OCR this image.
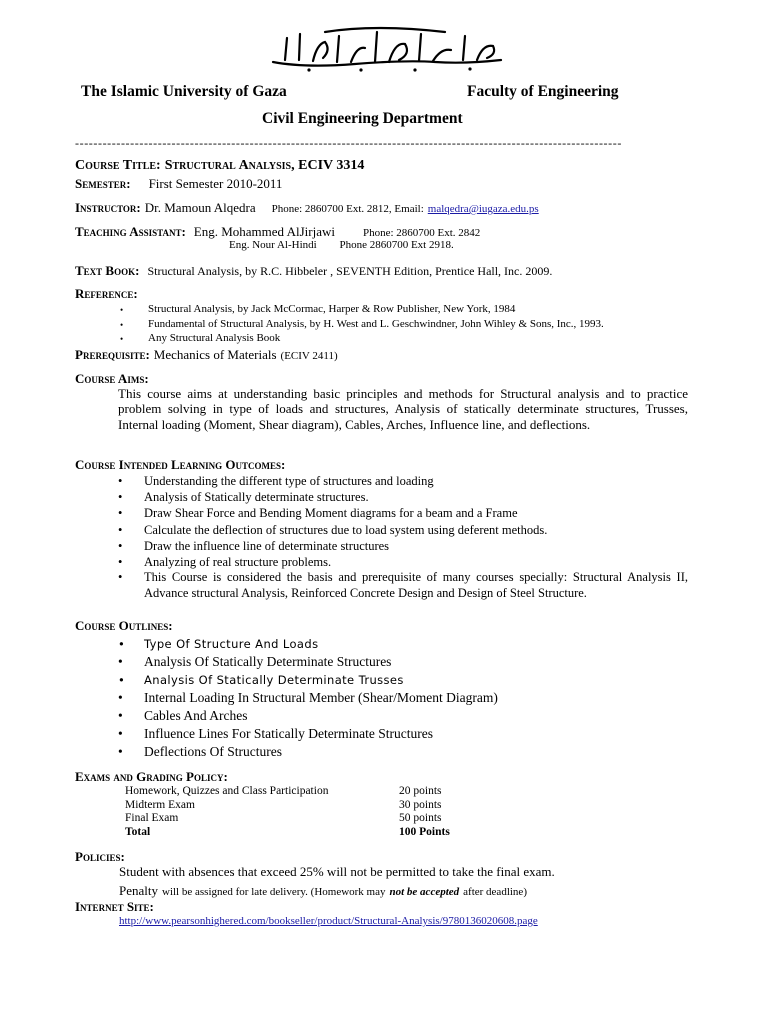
The Islamic University of Gaza	Faculty of Engineering
Civil Engineering Department
-----------------------------------------------------------------------------------------------------------------------
Course Title: Structural Analysis, ECIV 3314
Semester: First Semester 2010-2011
Instructor: Dr. Mamoun Alqedra Phone: 2860700 Ext. 2812, Email: malqedra@iugaza.edu.ps
Teaching Assistant: Eng. Mohammed AlJirjawi	Phone: 2860700 Ext. 2842
Eng. Nour Al-Hindi Phone 2860700 Ext 2918.
Text Book: Structural Analysis, by R.C. Hibbeler , SEVENTH Edition, Prentice Hall, Inc. 2009.
Reference:
• Structural Analysis, by Jack McCormac, Harper & Row Publisher, New York, 1984
• Fundamental of Structural Analysis, by H. West and L. Geschwindner, John Wihley & Sons, Inc., 1993.
• Any Structural Analysis Book
Prerequisite: Mechanics of Materials (ECIV 2411)
Course Aims:
This course aims at understanding basic principles and methods for Structural analysis and to practice problem solving in type of loads and structures, Analysis of statically determinate structures, Trusses, Internal loading (Moment, Shear diagram), Cables, Arches, Influence line, and deflections.
Course Intended Learning Outcomes:
• Understanding the different type of structures and loading
• Analysis of Statically determinate structures.
• Draw Shear Force and Bending Moment diagrams for a beam and a Frame
• Calculate the deflection of structures due to load system using deferent methods.
• Draw the influence line of determinate structures
• Analyzing of real structure problems.
• This Course is considered the basis and prerequisite of many courses specially: Structural Analysis II, Advance structural Analysis, Reinforced Concrete Design and Design of Steel Structure.
Course Outlines:
• Type Of Structure And Loads
• Analysis Of Statically Determinate Structures
• Analysis Of Statically Determinate Trusses
• Internal Loading In Structural Member (Shear/Moment Diagram)
• Cables And Arches
• Influence Lines For Statically Determinate Structures
• Deflections Of Structures
Exams and Grading Policy:
Homework, Quizzes and Class Participation	20 points
Midterm Exam	30 points
Final Exam	50 points
Total	100 Points
Policies:
Student with absences that exceed 25% will not be permitted to take the final exam.
Penalty will be assigned for late delivery. (Homework may not be accepted after deadline)
Internet Site:
http://www.pearsonhighered.com/bookseller/product/Structural-Analysis/9780136020608.page
